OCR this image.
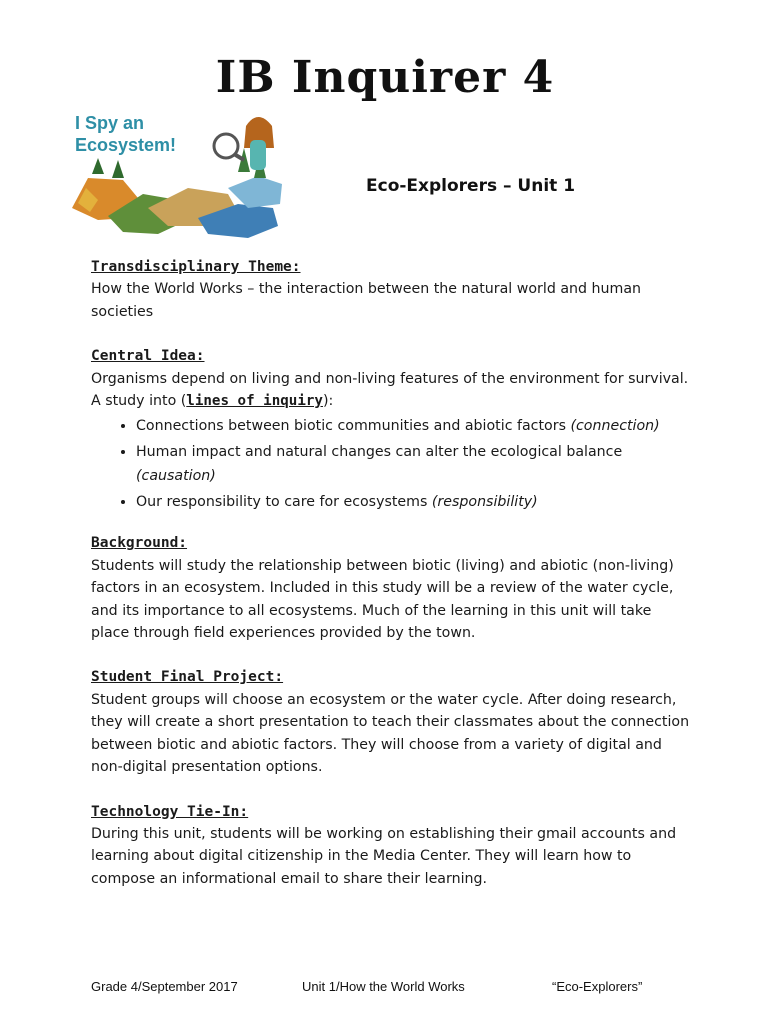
IB Inquirer 4
I Spy an
Ecosystem!
Eco-Explorers – Unit 1

Transdisciplinary Theme:

How the World Works – the interaction between the natural world and human societies

Central Idea:

Organisms depend on living and non-living features of the environment for survival.

A study into (lines of inquiry):

• Connections between biotic communities and abiotic factors (connection)
• Human impact and natural changes can alter the ecological balance (causation)
• Our responsibility to care for ecosystems (responsibility)

Background:

Students will study the relationship between biotic (living) and abiotic (non-living) factors in an ecosystem. Included in this study will be a review of the water cycle, and its importance to all ecosystems. Much of the learning in this unit will take place through field experiences provided by the town.

Student Final Project:

Student groups will choose an ecosystem or the water cycle. After doing research, they will create a short presentation to teach their classmates about the connection between biotic and abiotic factors. They will choose from a variety of digital and non-digital presentation options.

Technology Tie-In:

During this unit, students will be working on establishing their gmail accounts and learning about digital citizenship in the Media Center. They will learn how to compose an informational email to share their learning.

Grade 4/September 2017	Unit 1/How the World Works	“Eco-Explorers”
